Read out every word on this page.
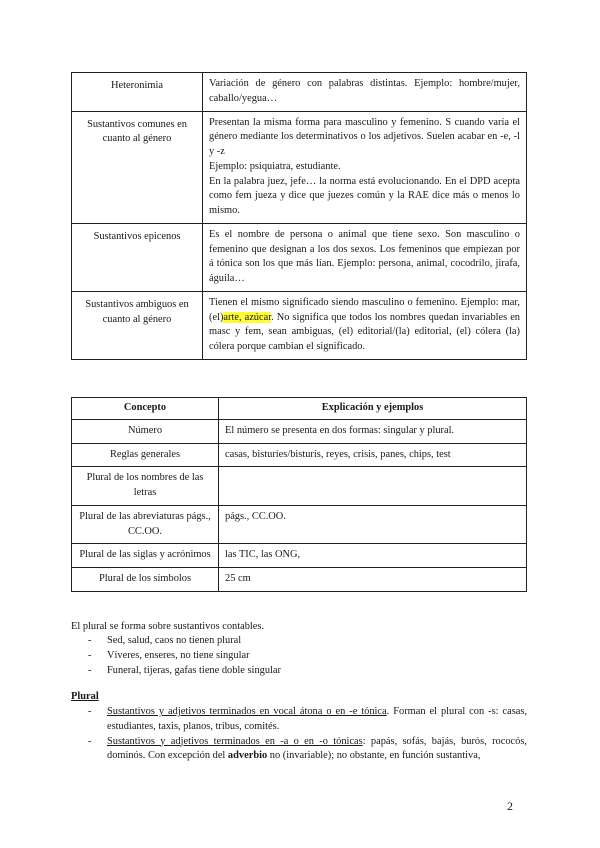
Heteronimia	Variación de género con palabras distintas. Ejemplo: hombre/mujer, caballo/yegua…
Sustantivos comunes en cuanto al género	Presentan la misma forma para masculino y femenino. S cuando varía el género mediante los determinativos o los adjetivos. Suelen acabar en -e, -l y -z
Ejemplo: psiquiatra, estudiante.
En la palabra juez, jefe… la norma está evolucionando. En el DPD acepta como fem jueza y dice que juezes común y la RAE dice más o menos lo mismo.

Sustantivos epicenos	Es el nombre de persona o animal que tiene sexo. Son masculino o femenino que designan a los dos sexos. Los femeninos que empiezan por á tónica son los que más lían. Ejemplo: persona, animal, cocodrilo, jirafa, águila…
Sustantivos ambiguos en cuanto al género	Tienen el mismo significado siendo masculino o femenino. Ejemplo: mar, (el)arte, azúcar. No significa que todos los nombres quedan invariables en masc y fem, sean ambiguas, (el) editorial/(la) editorial, (el) cólera (la) cólera porque cambian el significado.
Concepto	Explicación y ejemplos
Número	El número se presenta en dos formas: singular y plural.
Reglas generales	casas, bisturíes/bisturís, reyes, crisis, panes, chips, test
Plural de los nombres de las letras	
Plural de las abreviaturas págs., CC.OO.	págs., CC.OO.
Plural de las siglas y acrónimos	las TIC, las ONG,
Plural de los símbolos	25 cm

El plural se forma sobre sustantivos contables.

- Sed, salud, caos no tienen plural
- Víveres, enseres, no tiene singular
- Funeral, tijeras, gafas tiene doble singular

Plural

- Sustantivos y adjetivos terminados en vocal átona o en -e tónica. Forman el plural con -s: casas, estudiantes, taxis, planos, tribus, comités.
- Sustantivos y adjetivos terminados en -a o en -o tónicas: papás, sofás, bajás, burós, rococós, dominós. Con excepción del adverbio no (invariable); no obstante, en función sustantiva,
2
